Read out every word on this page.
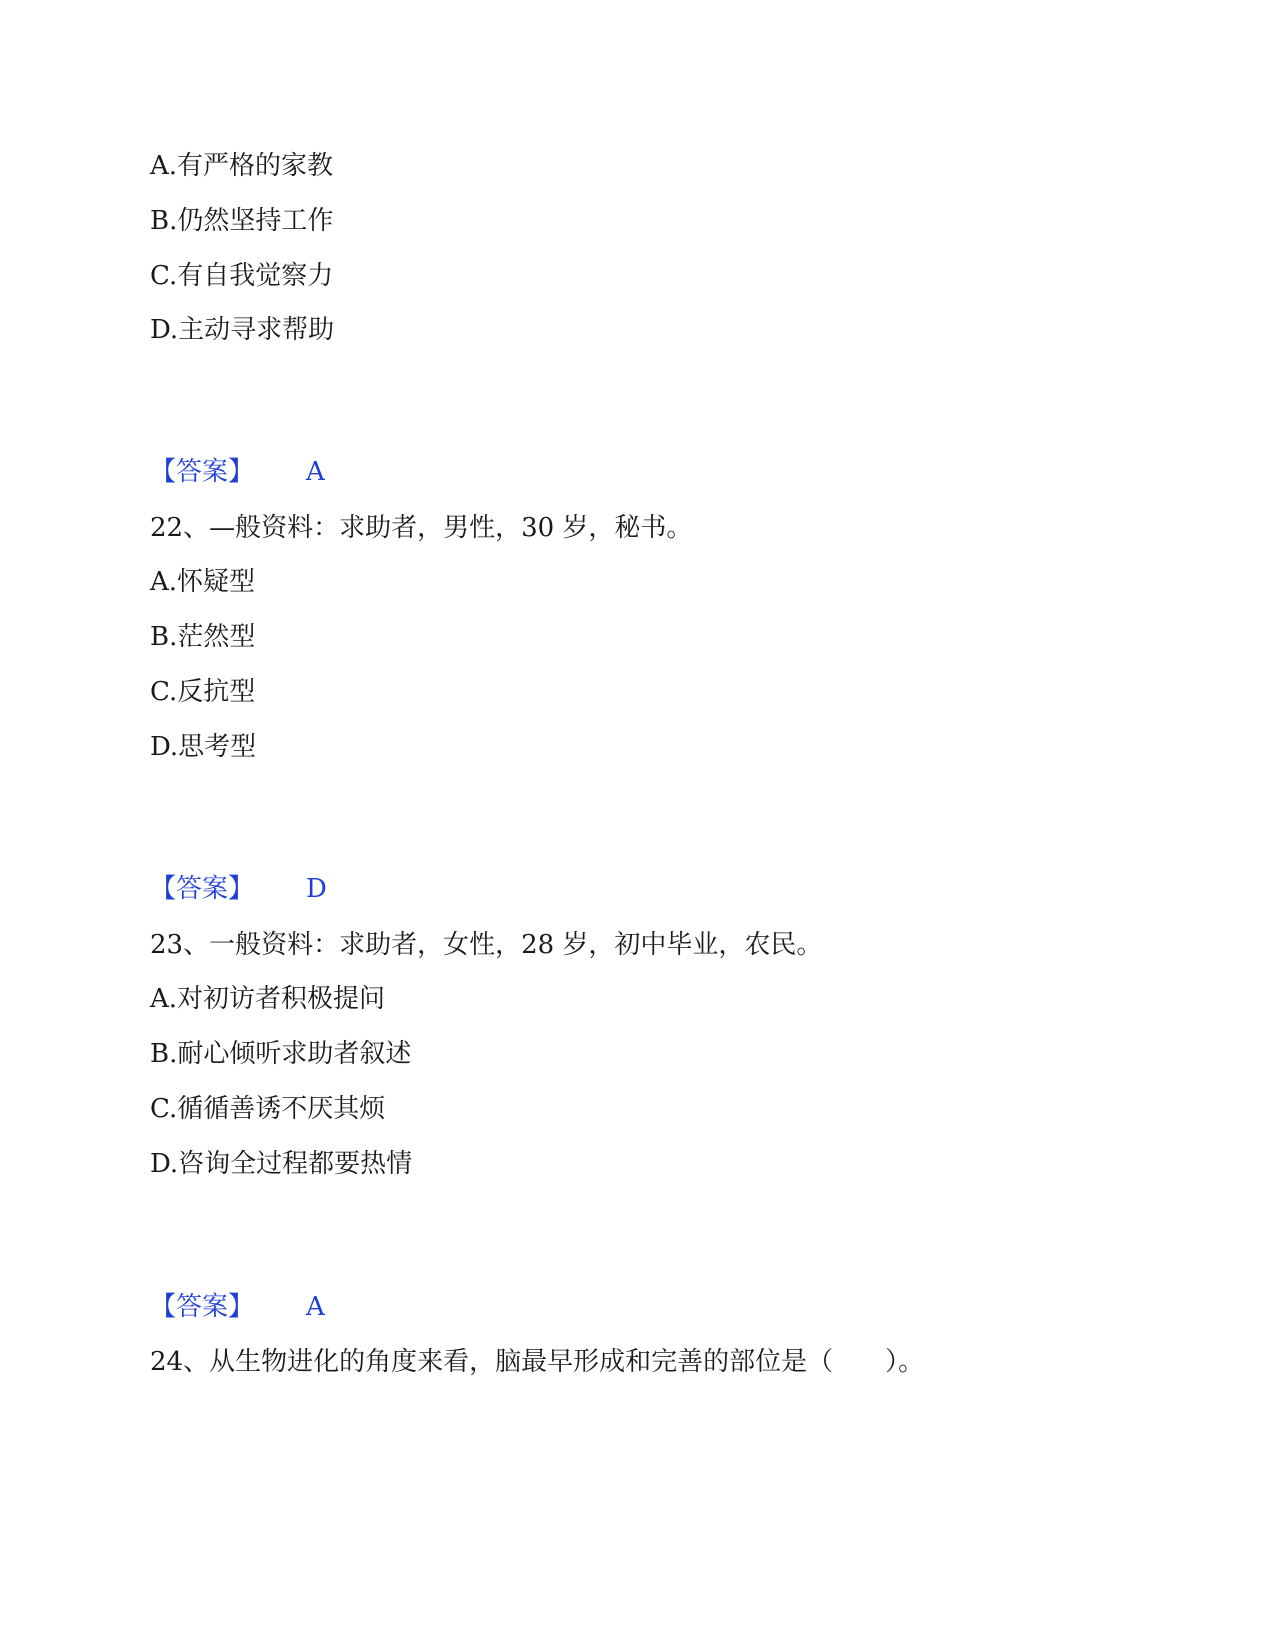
A.有严格的家教
B.仍然坚持工作
C.有自我觉察力
D.主动寻求帮助
【答案】 A
22、—般资料：求助者，男性，30 岁，秘书。
A.怀疑型
B.茫然型
C.反抗型
D.思考型
【答案】 D
23、一般资料：求助者，女性，28 岁，初中毕业，农民。
A.对初访者积极提问
B.耐心倾听求助者叙述
C.循循善诱不厌其烦
D.咨询全过程都要热情
【答案】 A
24、从生物进化的角度来看，脑最早形成和完善的部位是（　　）。
